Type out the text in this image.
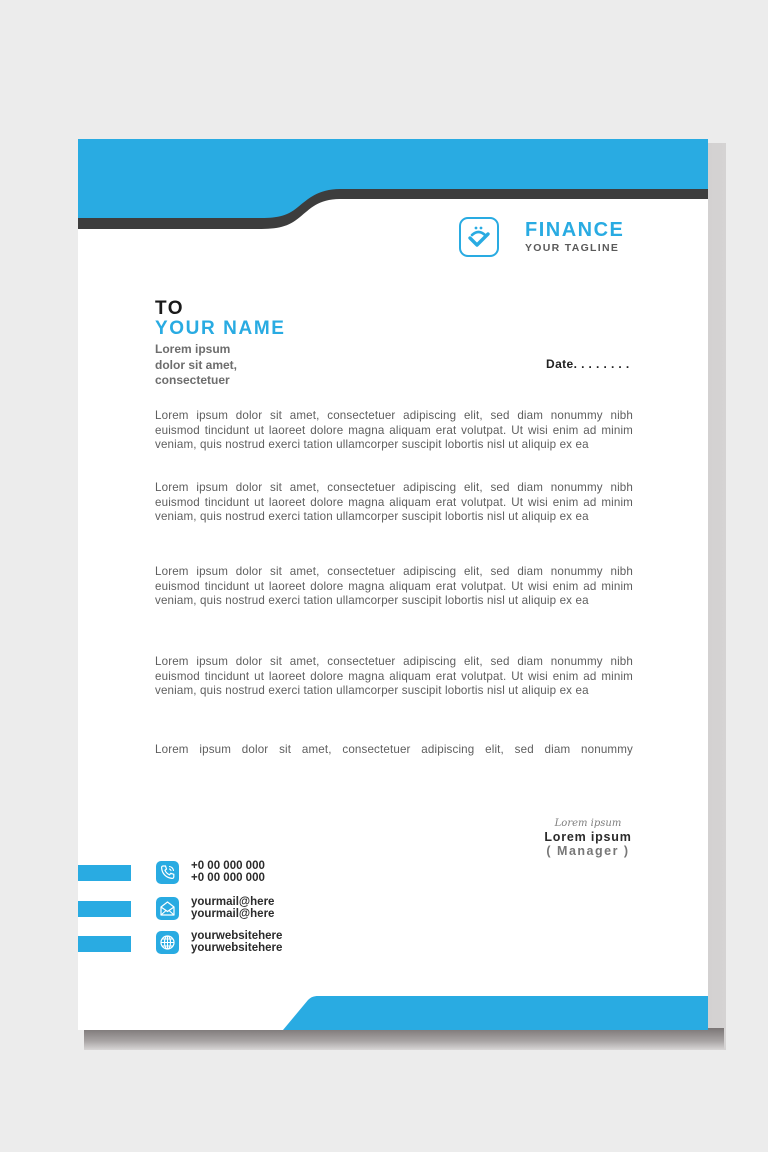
FINANCE
YOUR TAGLINE
TO
YOUR NAME
Lorem ipsum
dolor sit amet,
consectetuer
Date. . . . . . . .
Lorem ipsum dolor sit amet, consectetuer adipiscing elit, sed diam nonummy nibh euismod tincidunt ut laoreet dolore magna aliquam erat volutpat. Ut wisi enim ad minim veniam, quis nostrud exerci tation ullamcorper suscipit lobortis nisl ut aliquip ex ea
Lorem ipsum dolor sit amet, consectetuer adipiscing elit, sed diam nonummy nibh euismod tincidunt ut laoreet dolore magna aliquam erat volutpat. Ut wisi enim ad minim veniam, quis nostrud exerci tation ullamcorper suscipit lobortis nisl ut aliquip ex ea
Lorem ipsum dolor sit amet, consectetuer adipiscing elit, sed diam nonummy nibh euismod tincidunt ut laoreet dolore magna aliquam erat volutpat. Ut wisi enim ad minim veniam, quis nostrud exerci tation ullamcorper suscipit lobortis nisl ut aliquip ex ea
Lorem ipsum dolor sit amet, consectetuer adipiscing elit, sed diam nonummy nibh euismod tincidunt ut laoreet dolore magna aliquam erat volutpat. Ut wisi enim ad minim veniam, quis nostrud exerci tation ullamcorper suscipit lobortis nisl ut aliquip ex ea
Lorem ipsum dolor sit amet, consectetuer adipiscing elit, sed diam nonummy
Lorem ipsum
Lorem ipsum
( Manager )
+0 00 000 000
+0 00 000 000
yourmail@here
yourmail@here
yourwebsitehere
yourwebsitehere
